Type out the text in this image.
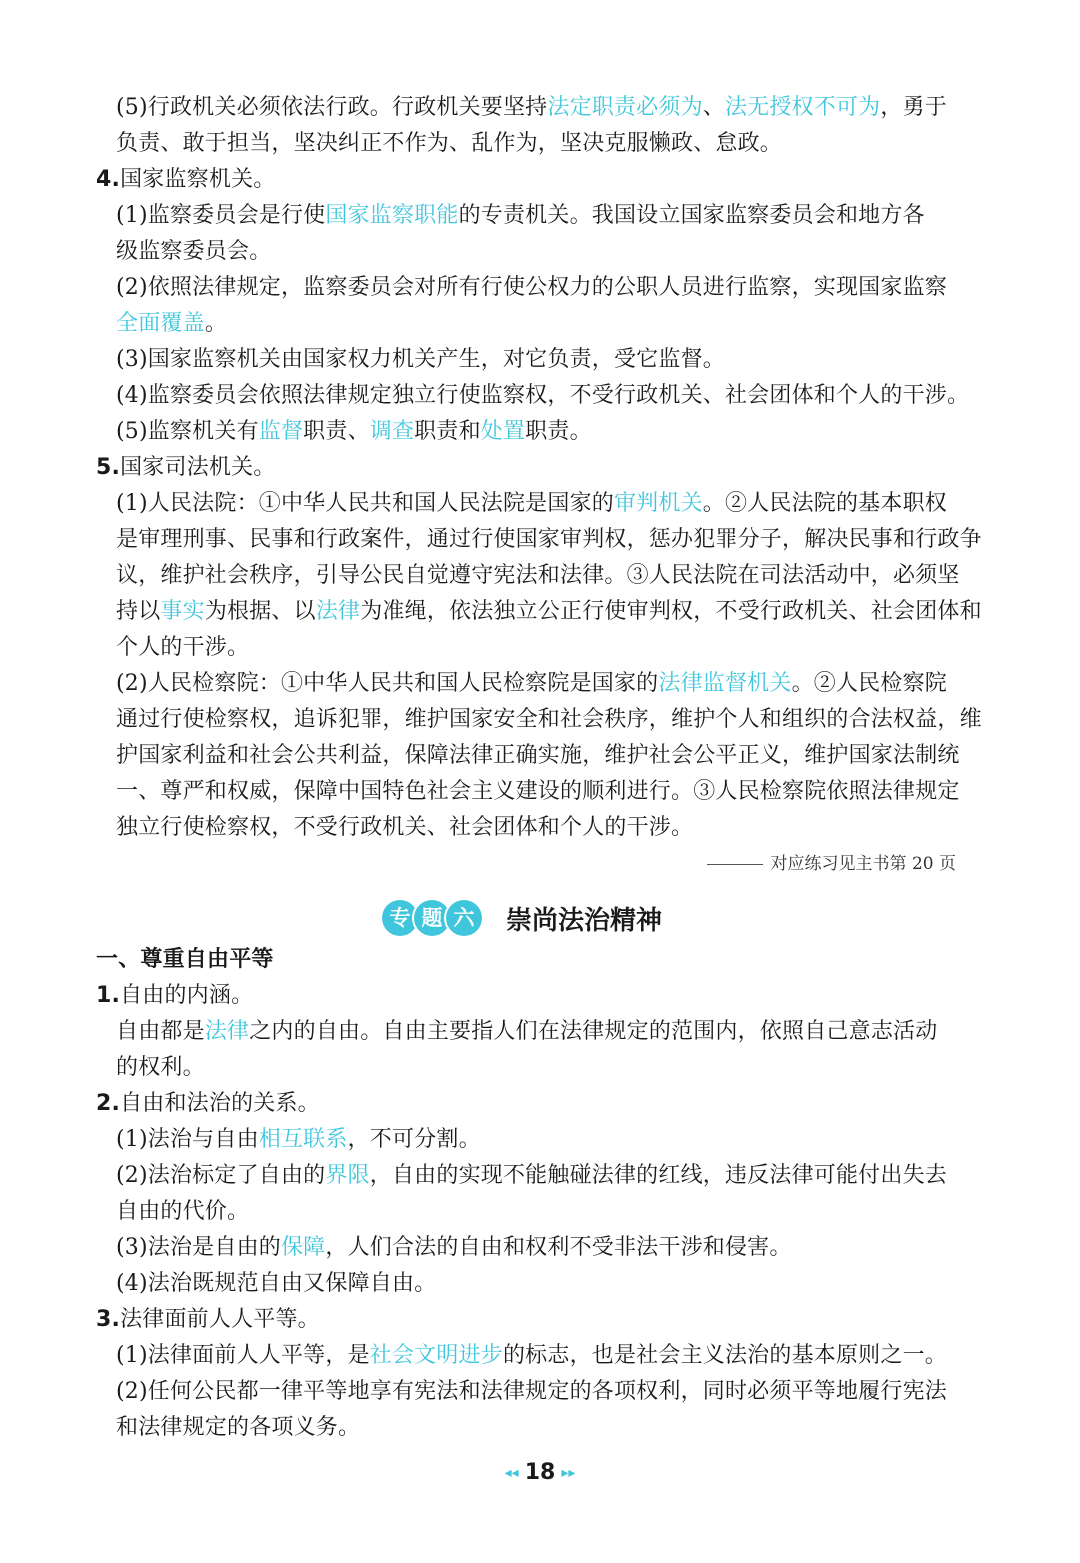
(5)行政机关必须依法行政。行政机关要坚持法定职责必须为、法无授权不可为，勇于
负责、敢于担当，坚决纠正不作为、乱作为，坚决克服懒政、怠政。
4.国家监察机关。
(1)监察委员会是行使国家监察职能的专责机关。我国设立国家监察委员会和地方各
级监察委员会。
(2)依照法律规定，监察委员会对所有行使公权力的公职人员进行监察，实现国家监察
全面覆盖。
(3)国家监察机关由国家权力机关产生，对它负责，受它监督。
(4)监察委员会依照法律规定独立行使监察权，不受行政机关、社会团体和个人的干涉。
(5)监察机关有监督职责、调查职责和处置职责。
5.国家司法机关。
(1)人民法院：①中华人民共和国人民法院是国家的审判机关。②人民法院的基本职权
是审理刑事、民事和行政案件，通过行使国家审判权，惩办犯罪分子，解决民事和行政争
议，维护社会秩序，引导公民自觉遵守宪法和法律。③人民法院在司法活动中，必须坚
持以事实为根据、以法律为准绳，依法独立公正行使审判权，不受行政机关、社会团体和
个人的干涉。
(2)人民检察院：①中华人民共和国人民检察院是国家的法律监督机关。②人民检察院
通过行使检察权，追诉犯罪，维护国家安全和社会秩序，维护个人和组织的合法权益，维
护国家利益和社会公共利益，保障法律正确实施，维护社会公平正义，维护国家法制统
一、尊严和权威，保障中国特色社会主义建设的顺利进行。③人民检察院依照法律规定
独立行使检察权，不受行政机关、社会团体和个人的干涉。
对应练习见主书第 20 页
专 题 六 崇尚法治精神
一、尊重自由平等
1.自由的内涵。
自由都是法律之内的自由。自由主要指人们在法律规定的范围内，依照自己意志活动
的权利。
2.自由和法治的关系。
(1)法治与自由相互联系，不可分割。
(2)法治标定了自由的界限，自由的实现不能触碰法律的红线，违反法律可能付出失去
自由的代价。
(3)法治是自由的保障，人们合法的自由和权利不受非法干涉和侵害。
(4)法治既规范自由又保障自由。
3.法律面前人人平等。
(1)法律面前人人平等，是社会文明进步的标志，也是社会主义法治的基本原则之一。
(2)任何公民都一律平等地享有宪法和法律规定的各项权利，同时必须平等地履行宪法
和法律规定的各项义务。
◂◂ 18 ▸▸
